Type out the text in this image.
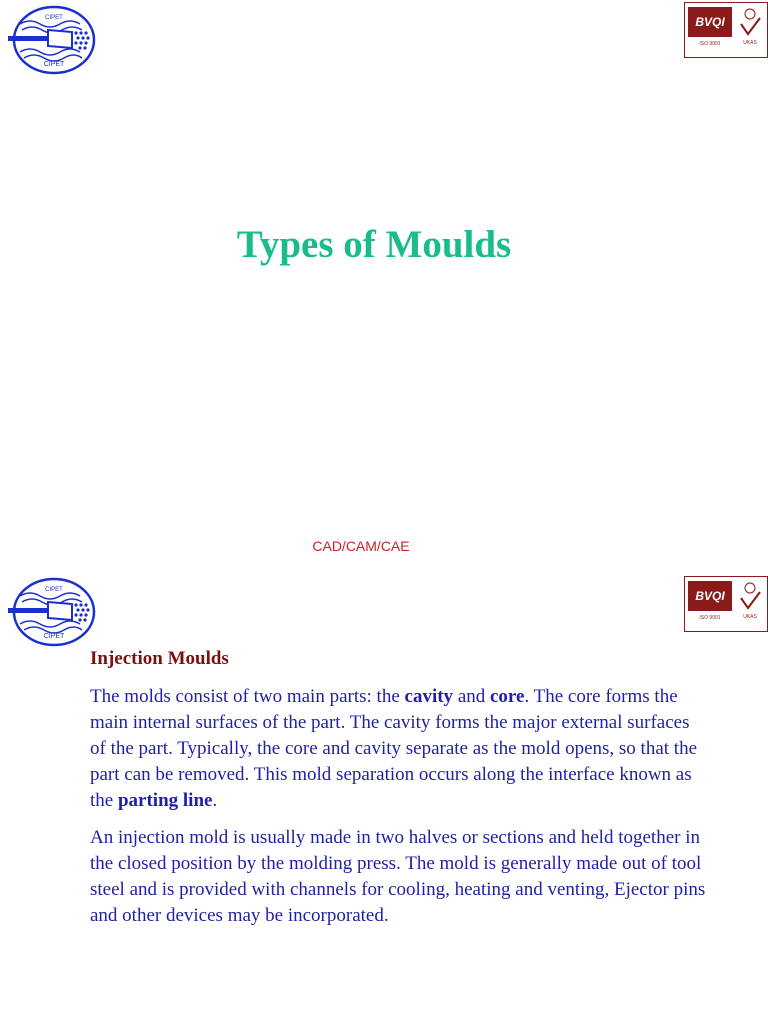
CIPET
CIPET
BVQI
ISO 9001	UKAS
Types of Moulds
CAD/CAM/CAE
CIPET
CIPET
BVQI
ISO 9001	UKAS
Injection Moulds

The molds consist of two main parts: the cavity and core. The core forms the main internal surfaces of the part. The cavity forms the major external surfaces of the part. Typically, the core and cavity separate as the mold opens, so that the part can be removed. This mold separation occurs along the interface known as the parting line.

An injection mold is usually made in two halves or sections and held together in the closed position by the molding press. The mold is generally made out of tool steel and is provided with channels for cooling, heating and venting, Ejector pins and other devices may be incorporated.
